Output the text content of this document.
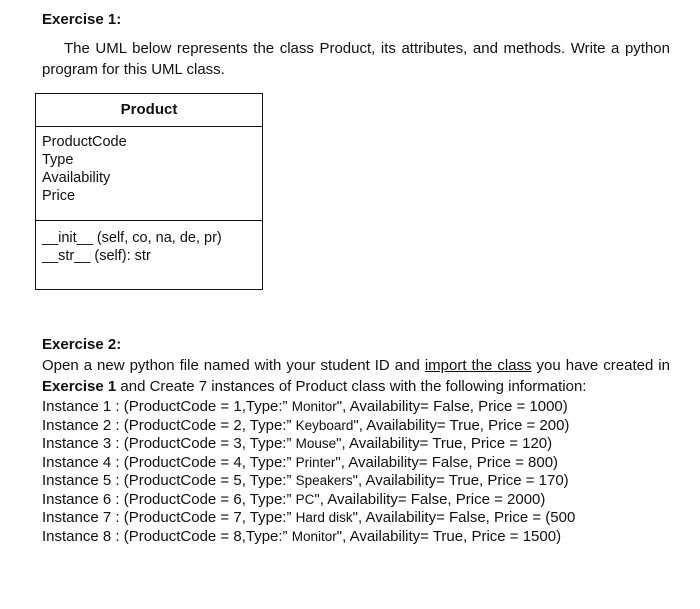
Exercise 1:

The UML below represents the class Product, its attributes, and methods. Write a python program for this UML class.

Product
ProductCode
Type
Availability
Price
__init__ (self, co, na, de, pr)
__str__ (self): str

Exercise 2:

Open a new python file named with your student ID and import the class you have created in Exercise 1 and Create 7 instances of Product class with the following information:

Instance 1 : (ProductCode = 1,Type:” Monitor", Availability= False, Price = 1000)
Instance 2 : (ProductCode = 2, Type:” Keyboard", Availability= True, Price = 200)
Instance 3 : (ProductCode = 3, Type:” Mouse", Availability= True, Price = 120)
Instance 4 : (ProductCode = 4, Type:” Printer", Availability= False, Price = 800)
Instance 5 : (ProductCode = 5, Type:” Speakers", Availability= True, Price = 170)
Instance 6 : (ProductCode = 6, Type:” PC", Availability= False, Price = 2000)
Instance 7 : (ProductCode = 7, Type:” Hard disk", Availability= False, Price = (500
Instance 8 : (ProductCode = 8,Type:” Monitor", Availability= True, Price = 1500)
